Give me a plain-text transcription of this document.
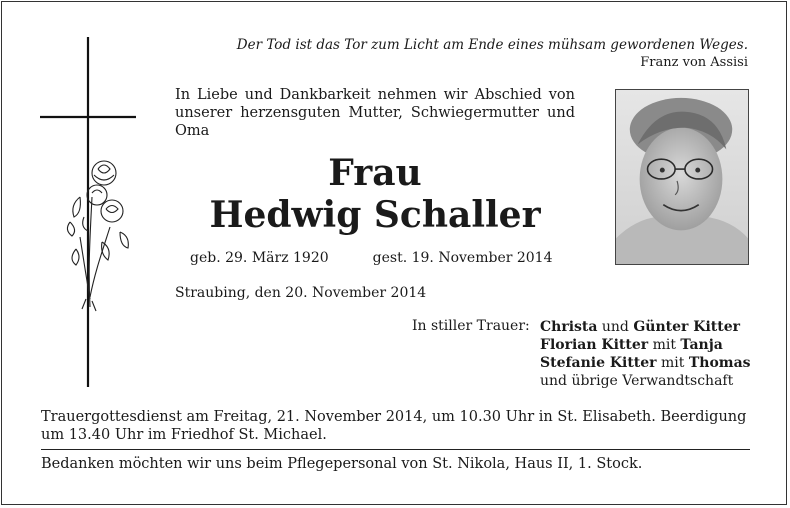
Der Tod ist das Tor zum Licht am Ende eines mühsam gewordenen Weges.
Franz von Assisi
In Liebe und Dankbarkeit nehmen wir Abschied von unserer herzensguten Mutter, Schwiegermutter und Oma
Frau
Hedwig Schaller
geb. 29. März 1920	gest. 19. November 2014
Straubing, den 20. November 2014
In stiller Trauer: Christa und Günter Kitter
Florian Kitter mit Tanja
Stefanie Kitter mit Thomas
und übrige Verwandtschaft
Trauergottesdienst am Freitag, 21. November 2014, um 10.30 Uhr in St. Elisabeth. Beerdigung um 13.40 Uhr im Friedhof St. Michael.
Bedanken möchten wir uns beim Pflegepersonal von St. Nikola, Haus II, 1. Stock.
